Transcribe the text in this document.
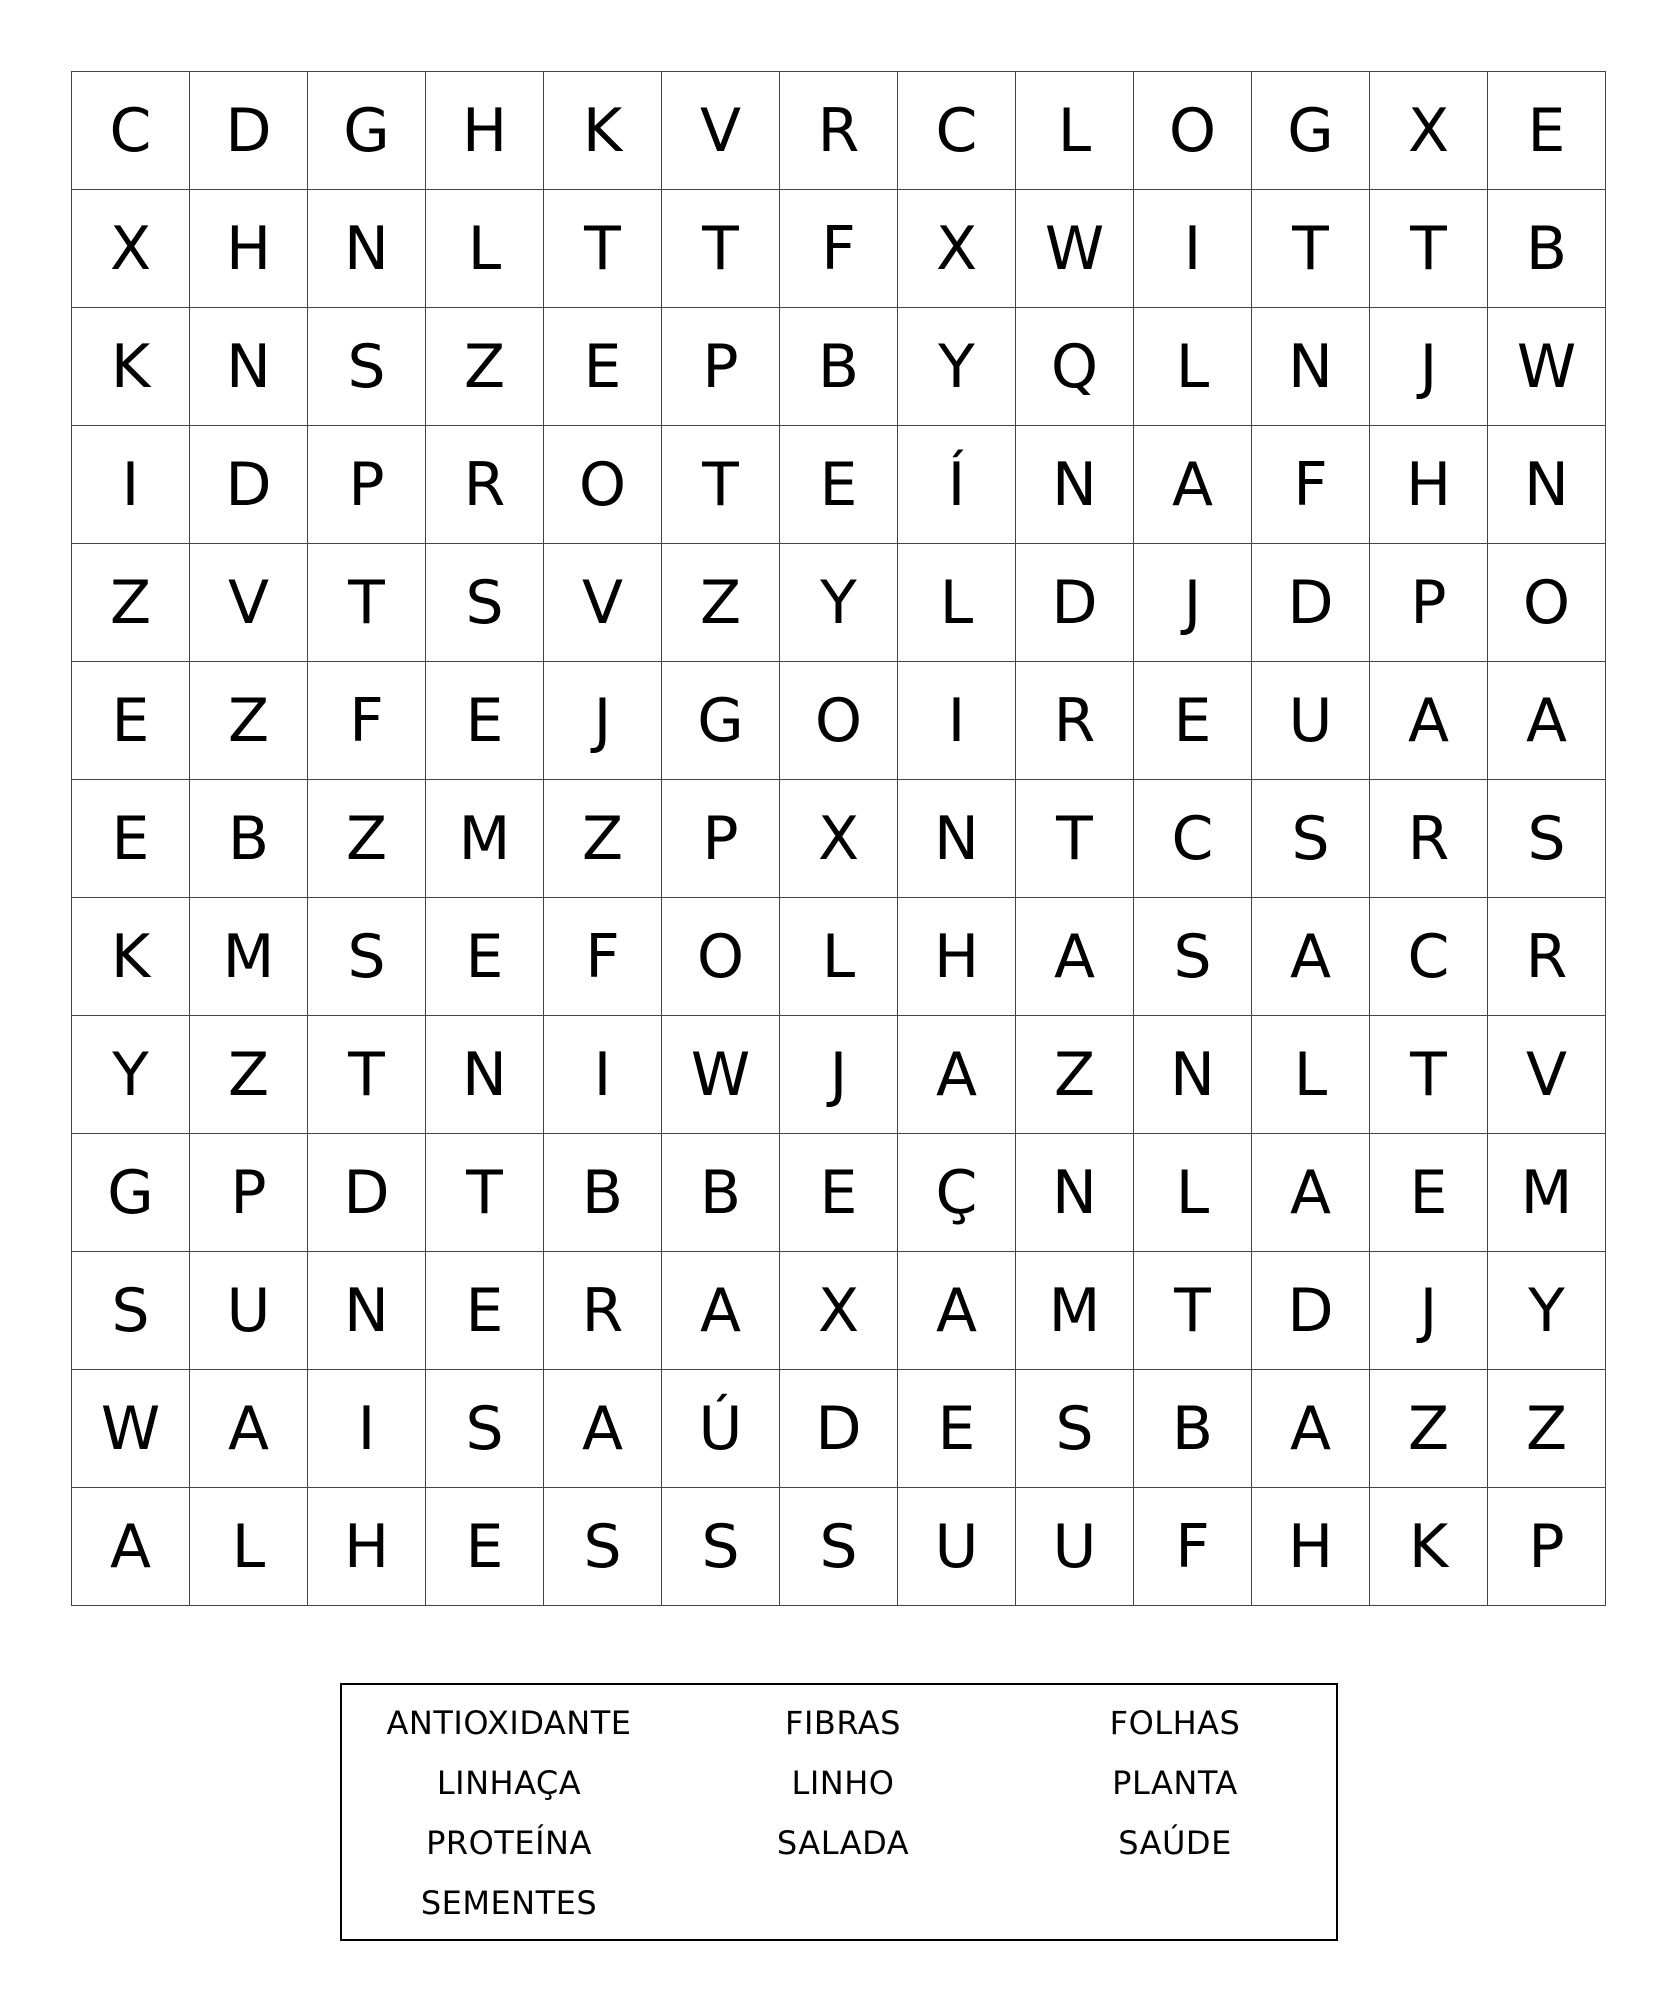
C	D	G	H	K	V	R	C	L	O	G	X	E
X	H	N	L	T	T	F	X	W	I	T	T	B
K	N	S	Z	E	P	B	Y	Q	L	N	J	W
I	D	P	R	O	T	E	Í	N	A	F	H	N
Z	V	T	S	V	Z	Y	L	D	J	D	P	O
E	Z	F	E	J	G	O	I	R	E	U	A	A
E	B	Z	M	Z	P	X	N	T	C	S	R	S
K	M	S	E	F	O	L	H	A	S	A	C	R
Y	Z	T	N	I	W	J	A	Z	N	L	T	V
G	P	D	T	B	B	E	Ç	N	L	A	E	M
S	U	N	E	R	A	X	A	M	T	D	J	Y
W	A	I	S	A	Ú	D	E	S	B	A	Z	Z
A	L	H	E	S	S	S	U	U	F	H	K	P
ANTIOXIDANTE	FIBRAS	FOLHAS
LINHAÇA	LINHO	PLANTA
PROTEÍNA	SALADA	SAÚDE
SEMENTES
